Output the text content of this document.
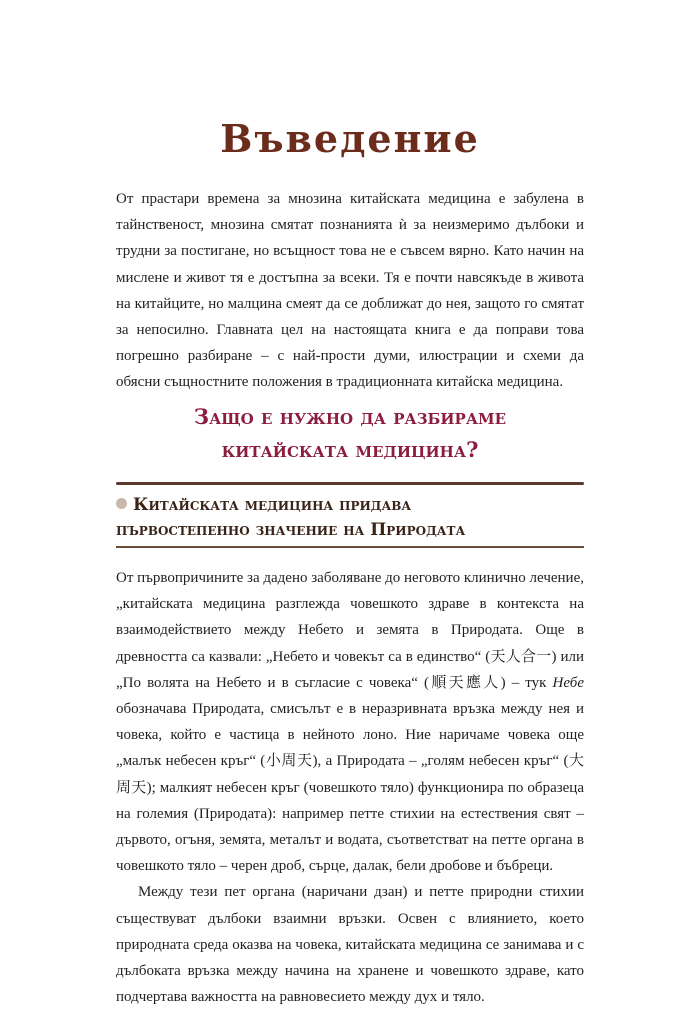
Въведение

От прастари времена за мнозина китайската медицина е забулена в тайнственост, мнозина смятат познанията ѝ за неизмеримо дълбоки и трудни за постигане, но всъщност това не е съвсем вярно. Като начин на мислене и живот тя е достъпна за всеки. Тя е почти навсякъде в живота на китайците, но малцина смеят да се доближат до нея, защото го смятат за непосилно. Главната цел на настоящата книга е да поправи това погрешно разбиране – с най-прости думи, илюстрации и схеми да обясни същностните положения в традиционната китайска медицина.

Защо е нужно да разбираме
китайската медицина?
Китайската медицина придава
първостепенно значение на Природата

От първопричините за дадено заболяване до неговото клинично лечение, „китайската медицина разглежда човешкото здраве в контекста на взаимодействието между Небето и земята в Природата. Още в древността са казвали: „Небето и човекът са в единство“ (天人合一) или „По волята на Небето и в съгласие с човека“ (順天應人) – тук Небе обозначава Природата, смисълът е в неразривната връзка между нея и човека, който е частица в нейното лоно. Ние наричаме човека още „малък небесен кръг“ (小周天), а Природата – „голям небесен кръг“ (大周天); малкият небесен кръг (човешкото тяло) функционира по образеца на големия (Природата): например петте стихии на естествения свят – дървото, огъня, земята, металът и водата, съответстват на петте органа в човешкото тяло – черен дроб, сърце, далак, бели дробове и бъбреци.

Между тези пет органа (наричани дзан) и петте природни стихии съществуват дълбоки взаимни връзки. Освен с влиянието, което природната среда оказва на човека, китайската медицина се занимава и с дълбоката връзка между начина на хранене и човешкото здраве, като подчертава важността на равновесието между дух и тяло.
